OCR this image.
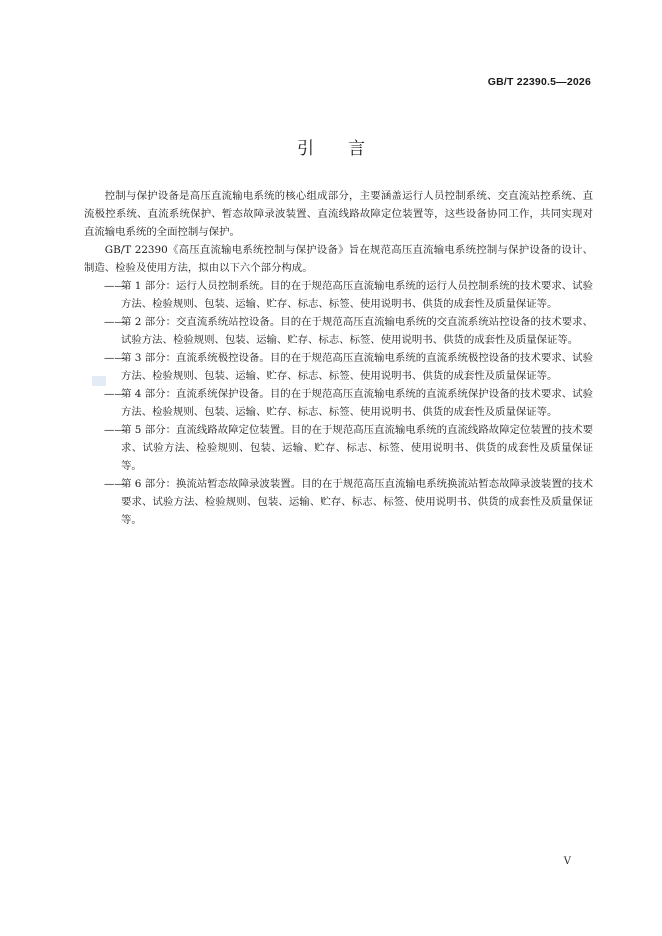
GB/T 22390.5—2026
引言

控制与保护设备是高压直流输电系统的核心组成部分，主要涵盖运行人员控制系统、交直流站控系统、直流极控系统、直流系统保护、暂态故障录波装置、直流线路故障定位装置等，这些设备协同工作，共同实现对直流输电系统的全面控制与保护。

GB/T 22390《高压直流输电系统控制与保护设备》旨在规范高压直流输电系统控制与保护设备的设计、制造、检验及使用方法，拟由以下六个部分构成。

——第 1 部分：运行人员控制系统。目的在于规范高压直流输电系统的运行人员控制系统的技术要求、试验方法、检验规则、包装、运输、贮存、标志、标签、使用说明书、供货的成套性及质量保证等。

——第 2 部分：交直流系统站控设备。目的在于规范高压直流输电系统的交直流系统站控设备的技术要求、试验方法、检验规则、包装、运输、贮存、标志、标签、使用说明书、供货的成套性及质量保证等。

——第 3 部分：直流系统极控设备。目的在于规范高压直流输电系统的直流系统极控设备的技术要求、试验方法、检验规则、包装、运输、贮存、标志、标签、使用说明书、供货的成套性及质量保证等。

——第 4 部分：直流系统保护设备。目的在于规范高压直流输电系统的直流系统保护设备的技术要求、试验方法、检验规则、包装、运输、贮存、标志、标签、使用说明书、供货的成套性及质量保证等。

——第 5 部分：直流线路故障定位装置。目的在于规范高压直流输电系统的直流线路故障定位装置的技术要求、试验方法、检验规则、包装、运输、贮存、标志、标签、使用说明书、供货的成套性及质量保证等。

——第 6 部分：换流站暂态故障录波装置。目的在于规范高压直流输电系统换流站暂态故障录波装置的技术要求、试验方法、检验规则、包装、运输、贮存、标志、标签、使用说明书、供货的成套性及质量保证等。

V
